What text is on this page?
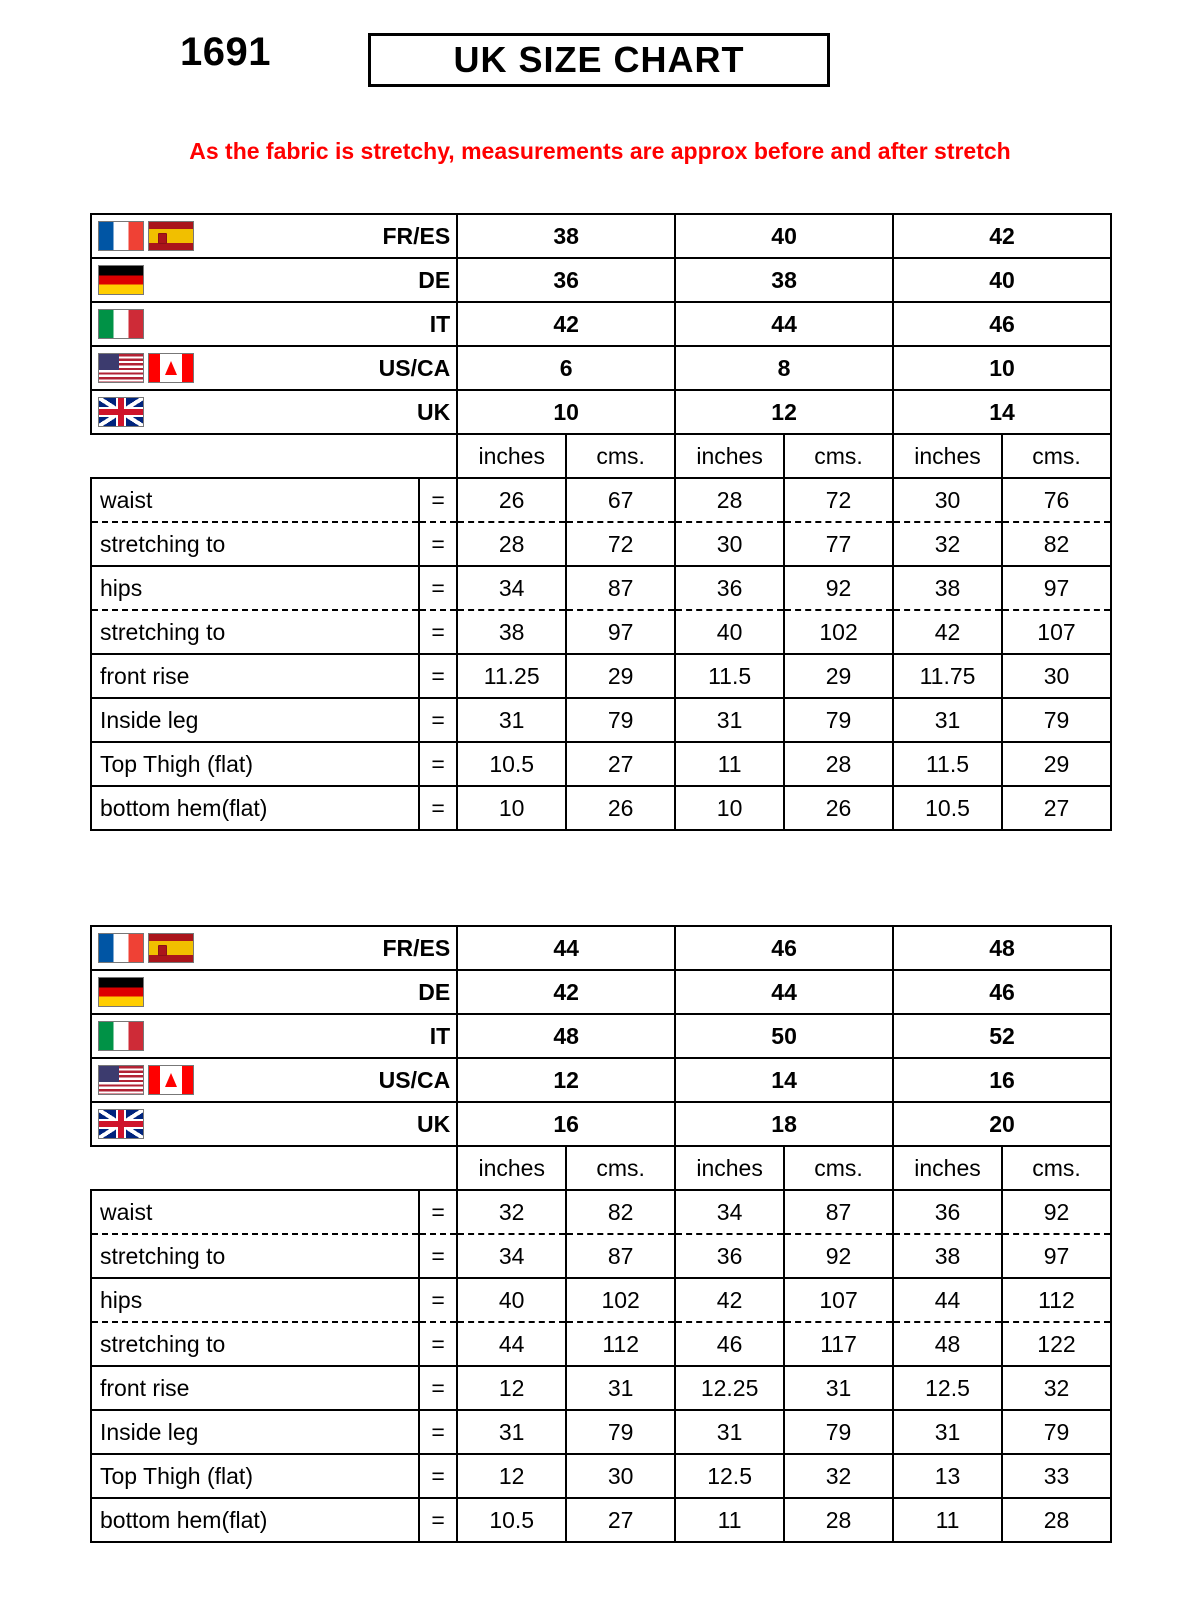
1691	UK SIZE CHART
As the fabric is stretchy, measurements are approx before and after stretch
FR/ES		38		40		42	

DE		36		38		40	

IT		42		44		46	

US/CA		6		8		10	

UK		10		12		14	
		inches	cms.	inches	cms.	inches	cms.
waist	=	26	67	28	72	30	76
stretching to	=	28	72	30	77	32	82
hips	=	34	87	36	92	38	97
stretching to	=	38	97	40	102	42	107
front rise	=	11.25	29	11.5	29	11.75	30
Inside leg	=	31	79	31	79	31	79
Top Thigh (flat)	=	10.5	27	11	28	11.5	29
bottom hem(flat)	=	10	26	10	26	10.5	27
FR/ES		44		46		48	

DE		42		44		46	

IT		48		50		52	

US/CA		12		14		16	

UK		16		18		20	
		inches	cms.	inches	cms.	inches	cms.
waist	=	32	82	34	87	36	92
stretching to	=	34	87	36	92	38	97
hips	=	40	102	42	107	44	112
stretching to	=	44	112	46	117	48	122
front rise	=	12	31	12.25	31	12.5	32
Inside leg	=	31	79	31	79	31	79
Top Thigh (flat)	=	12	30	12.5	32	13	33
bottom hem(flat)	=	10.5	27	11	28	11	28
